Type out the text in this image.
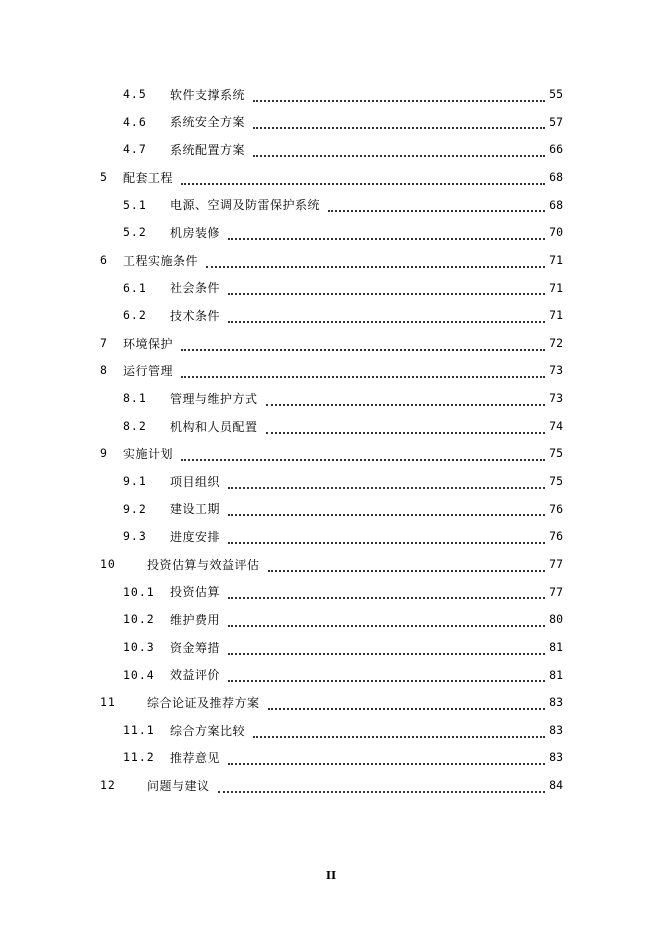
4.5 软件支撑系统	55
4.6 系统安全方案	57
4.7 系统配置方案	66
5 配套工程	68
5.1 电源、空调及防雷保护系统	68
5.2 机房装修	70
6 工程实施条件	71
6.1 社会条件	71
6.2 技术条件	71
7 环境保护	72
8 运行管理	73
8.1 管理与维护方式	73
8.2 机构和人员配置	74
9 实施计划	75
9.1 项目组织	75
9.2 建设工期	76
9.3 进度安排	76
10	投资估算与效益评估	77
10.1 投资估算	77
10.2 维护费用	80
10.3 资金筹措	81
10.4 效益评价	81
11	综合论证及推荐方案	83
11.1 综合方案比较	83
11.2 推荐意见	83
12	问题与建议	84
II
